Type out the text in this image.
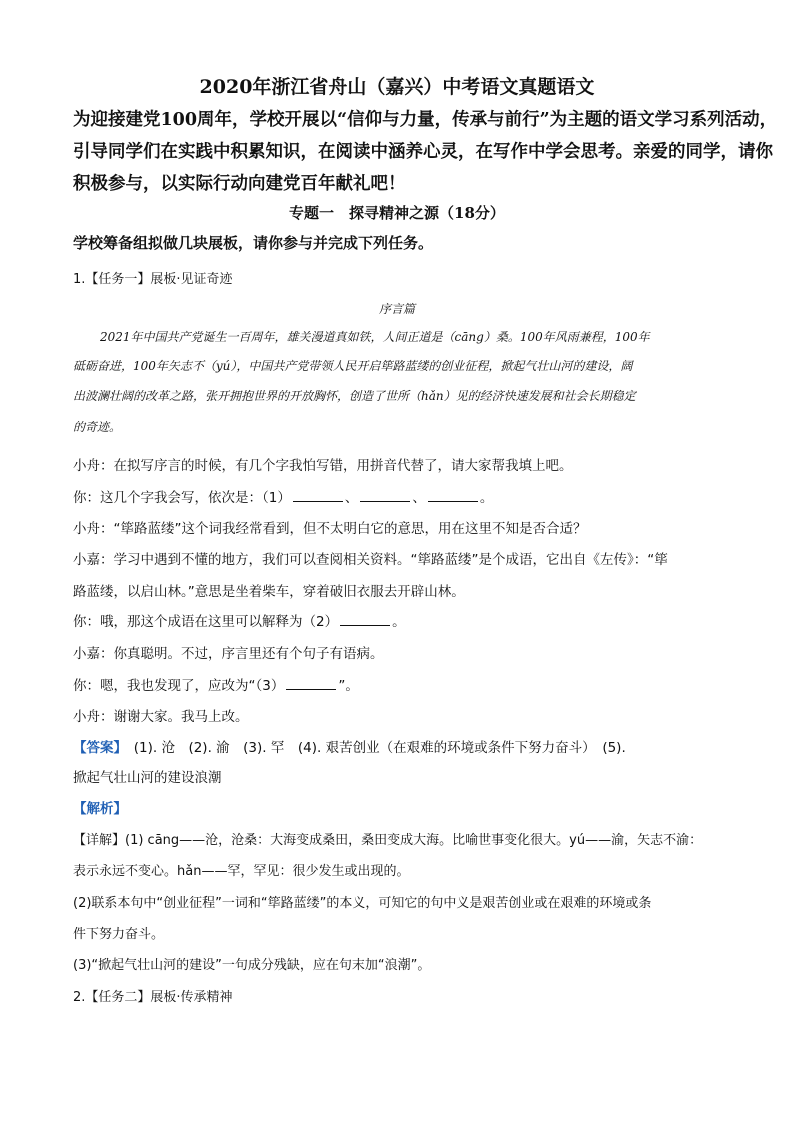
2020年浙江省舟山（嘉兴）中考语文真题语文
为迎接建党100周年，学校开展以“信仰与力量，传承与前行”为主题的语文学习系列活动，
引导同学们在实践中积累知识，在阅读中涵养心灵，在写作中学会思考。亲爱的同学，请你
积极参与，以实际行动向建党百年献礼吧！
专题一　探寻精神之源（18分）
学校筹备组拟做几块展板，请你参与并完成下列任务。
1.【任务一】展板·见证奇迹
序言篇
2021年中国共产党诞生一百周年，雄关漫道真如铁，人间正道是（cāng）桑。100年风雨兼程，100年
砥砺奋进，100年矢志不（yú），中国共产党带领人民开启筚路蓝缕的创业征程，掀起气壮山河的建设，阔
出波澜壮阔的改革之路，张开拥抱世界的开放胸怀，创造了世所（hǎn）见的经济快速发展和社会长期稳定
的奇迹。
小舟：在拟写序言的时候，有几个字我怕写错，用拼音代替了，请大家帮我填上吧。
你：这几个字我会写，依次是：（1）	、	、	。
小舟：“筚路蓝缕”这个词我经常看到，但不太明白它的意思，用在这里不知是否合适？
小嘉：学习中遇到不懂的地方，我们可以查阅相关资料。“筚路蓝缕”是个成语，它出自《左传》：“筚
路蓝缕，以启山林。”意思是坐着柴车，穿着破旧衣服去开辟山林。
你：哦，那这个成语在这里可以解释为（2）	。
小嘉：你真聪明。不过，序言里还有个句子有语病。
你：嗯，我也发现了，应改为“（3）	”。
小舟：谢谢大家。我马上改。
【答案】　(1). 沧　(2). 渝　(3). 罕　(4). 艰苦创业（在艰难的环境或条件下努力奋斗）　(5).
掀起气壮山河的建设浪潮
【解析】
【详解】(1) cāng——沧，沧桑：大海变成桑田，桑田变成大海。比喻世事变化很大。yú——渝，矢志不渝：
表示永远不变心。hǎn——罕，罕见：很少发生或出现的。
(2)联系本句中“创业征程”一词和“筚路蓝缕”的本义，可知它的句中义是艰苦创业或在艰难的环境或条
件下努力奋斗。
(3)“掀起气壮山河的建设”一句成分残缺，应在句末加“浪潮”。
2.【任务二】展板·传承精神
